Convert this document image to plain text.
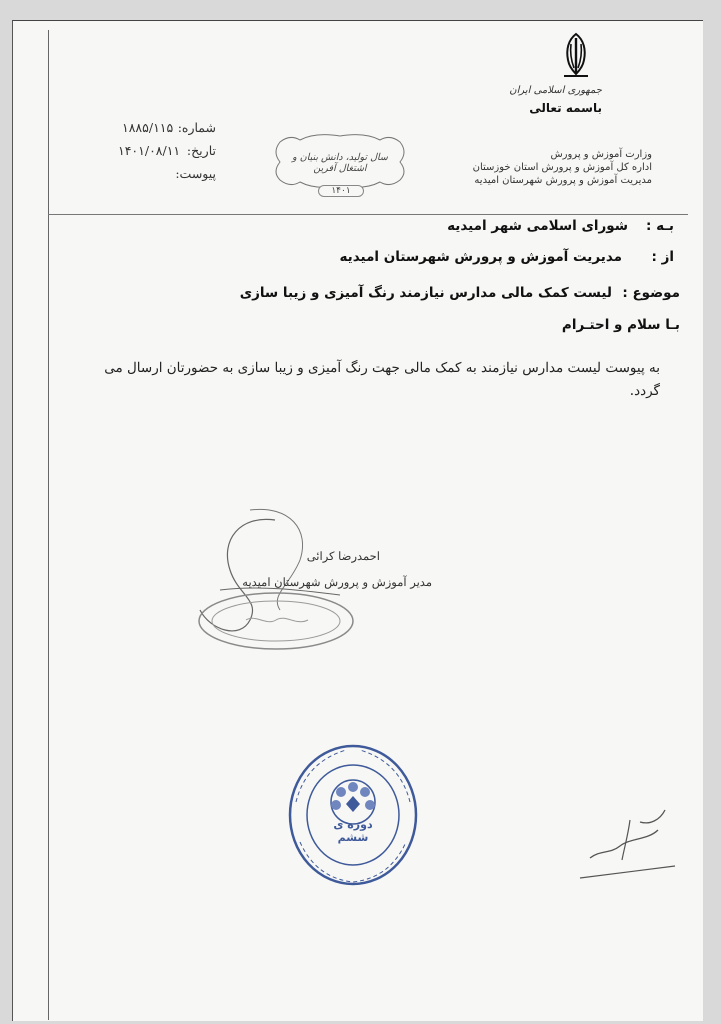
جمهوری اسلامی ایران
باسمه تعالی
وزارت آموزش و پرورش
اداره کل آموزش و پرورش استان خوزستان
مدیریت آموزش و پرورش شهرستان امیدیه
سال تولید، دانش بنیان و اشتغال آفرین
۱۴۰۱
شماره:
۱۸۸۵/۱۱۵
تاریخ:
۱۴۰۱/۰۸/۱۱
پیوست:
بـه :
شورای اسلامی شهر امیدیه
از :
مدیریت آموزش و پرورش شهرستان امیدیه
موضوع :
لیست کمک مالی مدارس نیازمند رنگ آمیزی و زیبا سازی
بـا سلام و احتـرام
به پیوست لیست مدارس نیازمند به کمک مالی جهت رنگ آمیزی و زیبا سازی به حضورتان ارسال می
گردد.
احمدرضا کرائی
مدیر آموزش و پرورش شهرستان امیدیه
دوره ی ششم
